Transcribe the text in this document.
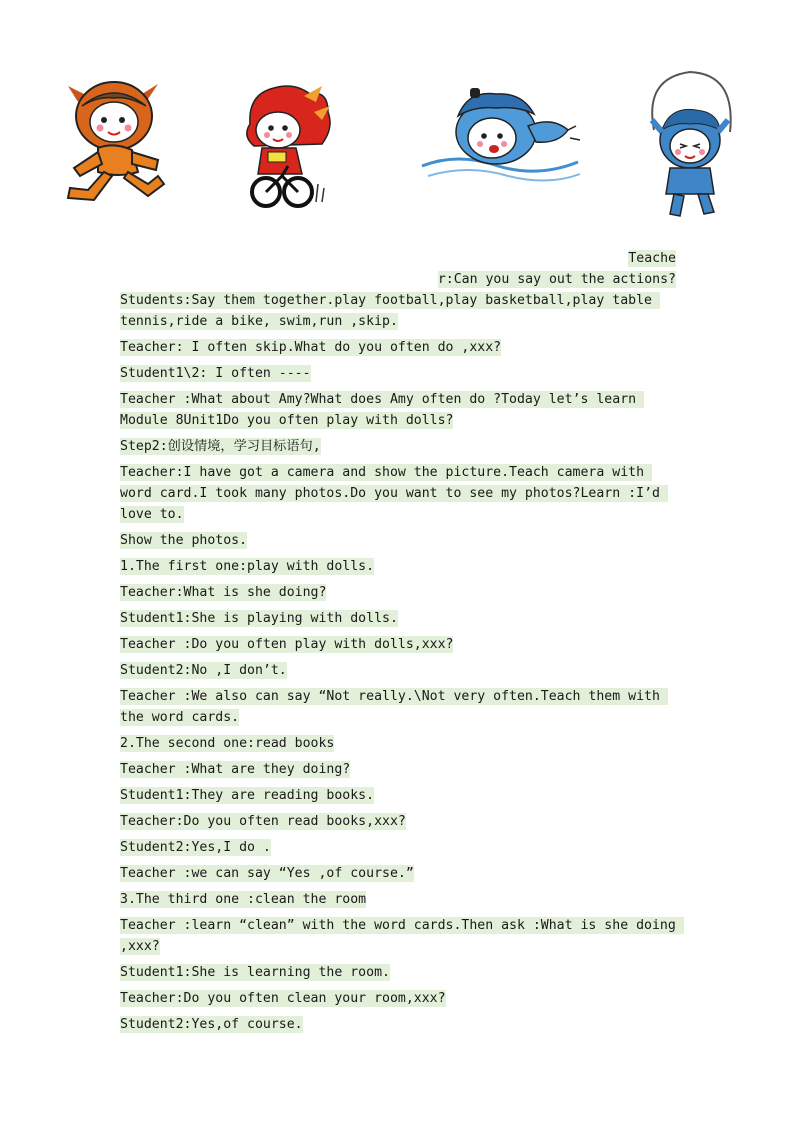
Teache

r:Can you say out the actions?

Students:Say them together.play football,play basketball,play table tennis,ride a bike, swim,run ,skip.

Teacher: I often skip.What do you often do ,xxx?

Student1\2: I often ----

Teacher :What about Amy?What does Amy often do ?Today let’s learn Module 8Unit1Do you often play with dolls?

Step2:创设情境，学习目标语句,

Teacher:I have got a camera and show the picture.Teach camera with word card.I took many photos.Do you want to see my photos?Learn :I’d love to.

Show the photos.

1.The first one:play with dolls.

Teacher:What is she doing?

Student1:She is playing with dolls.

Teacher :Do you often play with dolls,xxx?

Student2:No ,I don’t.

Teacher :We also can say “Not really.\Not very often.Teach them with the word cards.

2.The second one:read books

Teacher :What are they doing?

Student1:They are reading books.

Teacher:Do you often read books,xxx?

Student2:Yes,I do .

Teacher :we can say “Yes ,of course.”

3.The third one :clean the room

Teacher :learn “clean” with the word cards.Then ask :What is she doing ,xxx?

Student1:She is learning the room.

Teacher:Do you often clean your room,xxx?

Student2:Yes,of course.
